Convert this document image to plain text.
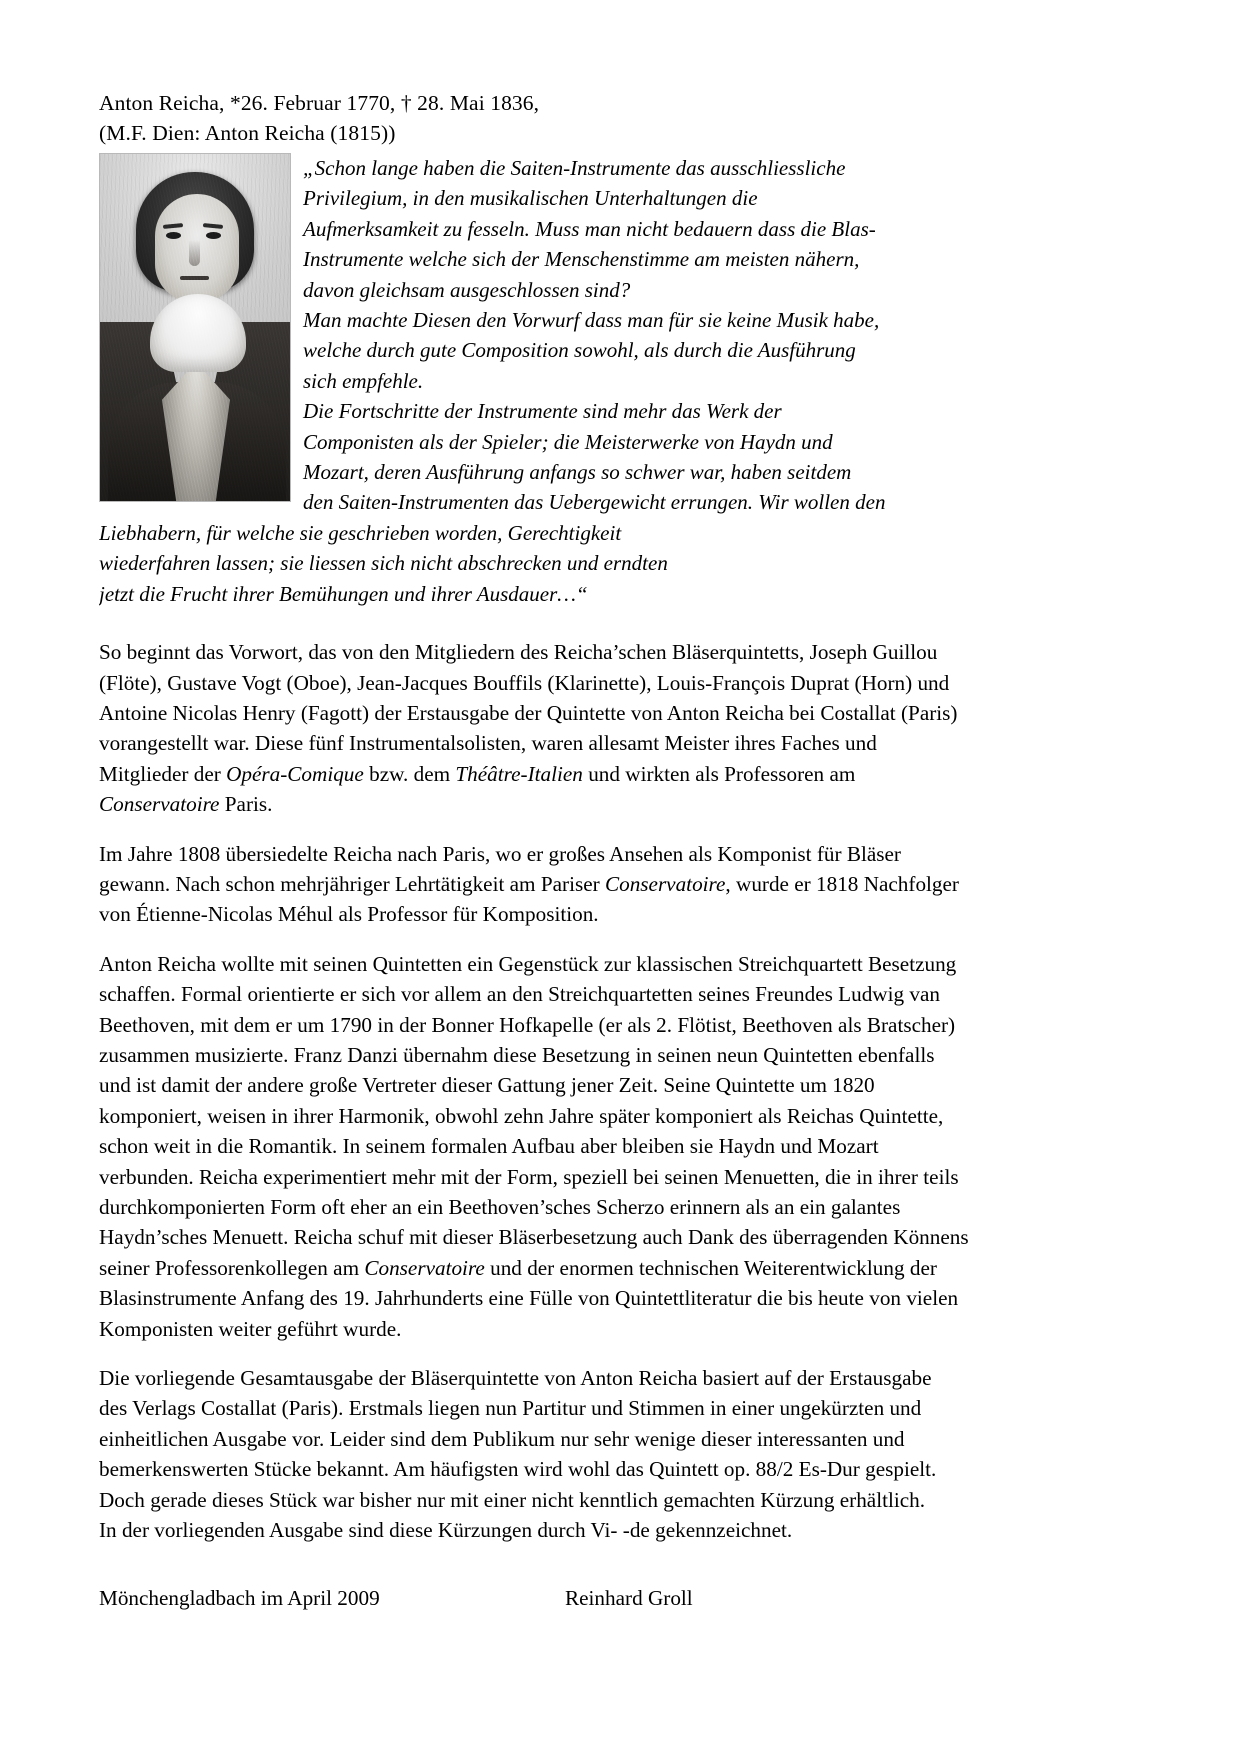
Anton Reicha, *26. Februar 1770, † 28. Mai 1836,
(M.F. Dien: Anton Reicha (1815))
„Schon lange haben die Saiten-Instrumente das ausschliessliche
Privilegium, in den musikalischen Unterhaltungen die
Aufmerksamkeit zu fesseln. Muss man nicht bedauern dass die Blas-
Instrumente welche sich der Menschenstimme am meisten nähern,
davon gleichsam ausgeschlossen sind?
Man machte Diesen den Vorwurf dass man für sie keine Musik habe,
welche durch gute Composition sowohl, als durch die Ausführung
sich empfehle.
Die Fortschritte der Instrumente sind mehr das Werk der
Componisten als der Spieler; die Meisterwerke von Haydn und
Mozart, deren Ausführung anfangs so schwer war, haben seitdem
den Saiten-Instrumenten das Uebergewicht errungen. Wir wollen den
Liebhabern, für welche sie geschrieben worden, Gerechtigkeit
wiederfahren lassen; sie liessen sich nicht abschrecken und erndten
jetzt die Frucht ihrer Bemühungen und ihrer Ausdauer…“
So beginnt das Vorwort, das von den Mitgliedern des Reicha’schen Bläserquintetts, Joseph Guillou
(Flöte), Gustave Vogt (Oboe), Jean-Jacques Bouffils (Klarinette), Louis-François Duprat (Horn) und
Antoine Nicolas Henry (Fagott) der Erstausgabe der Quintette von Anton Reicha bei Costallat (Paris)
vorangestellt war. Diese fünf Instrumentalsolisten, waren allesamt Meister ihres Faches und
Mitglieder der Opéra-Comique bzw. dem Théâtre-Italien und wirkten als Professoren am
Conservatoire Paris.
Im Jahre 1808 übersiedelte Reicha nach Paris, wo er großes Ansehen als Komponist für Bläser
gewann. Nach schon mehrjähriger Lehrtätigkeit am Pariser Conservatoire, wurde er 1818 Nachfolger
von Étienne-Nicolas Méhul als Professor für Komposition.
Anton Reicha wollte mit seinen Quintetten ein Gegenstück zur klassischen Streichquartett Besetzung
schaffen. Formal orientierte er sich vor allem an den Streichquartetten seines Freundes Ludwig van
Beethoven, mit dem er um 1790 in der Bonner Hofkapelle (er als 2. Flötist, Beethoven als Bratscher)
zusammen musizierte. Franz Danzi übernahm diese Besetzung in seinen neun Quintetten ebenfalls
und ist damit der andere große Vertreter dieser Gattung jener Zeit. Seine Quintette um 1820
komponiert, weisen in ihrer Harmonik, obwohl zehn Jahre später komponiert als Reichas Quintette,
schon weit in die Romantik. In seinem formalen Aufbau aber bleiben sie Haydn und Mozart
verbunden. Reicha experimentiert mehr mit der Form, speziell bei seinen Menuetten, die in ihrer teils
durchkomponierten Form oft eher an ein Beethoven’sches Scherzo erinnern als an ein galantes
Haydn’sches Menuett. Reicha schuf mit dieser Bläserbesetzung auch Dank des überragenden Könnens
seiner Professorenkollegen am Conservatoire und der enormen technischen Weiterentwicklung der
Blasinstrumente Anfang des 19. Jahrhunderts eine Fülle von Quintettliteratur die bis heute von vielen
Komponisten weiter geführt wurde.
Die vorliegende Gesamtausgabe der Bläserquintette von Anton Reicha basiert auf der Erstausgabe
des Verlags Costallat (Paris). Erstmals liegen nun Partitur und Stimmen in einer ungekürzten und
einheitlichen Ausgabe vor. Leider sind dem Publikum nur sehr wenige dieser interessanten und
bemerkenswerten Stücke bekannt. Am häufigsten wird wohl das Quintett op. 88/2 Es-Dur gespielt.
Doch gerade dieses Stück war bisher nur mit einer nicht kenntlich gemachten Kürzung erhältlich.
In der vorliegenden Ausgabe sind diese Kürzungen durch Vi- -de gekennzeichnet.
Mönchengladbach im April 2009	Reinhard Groll
